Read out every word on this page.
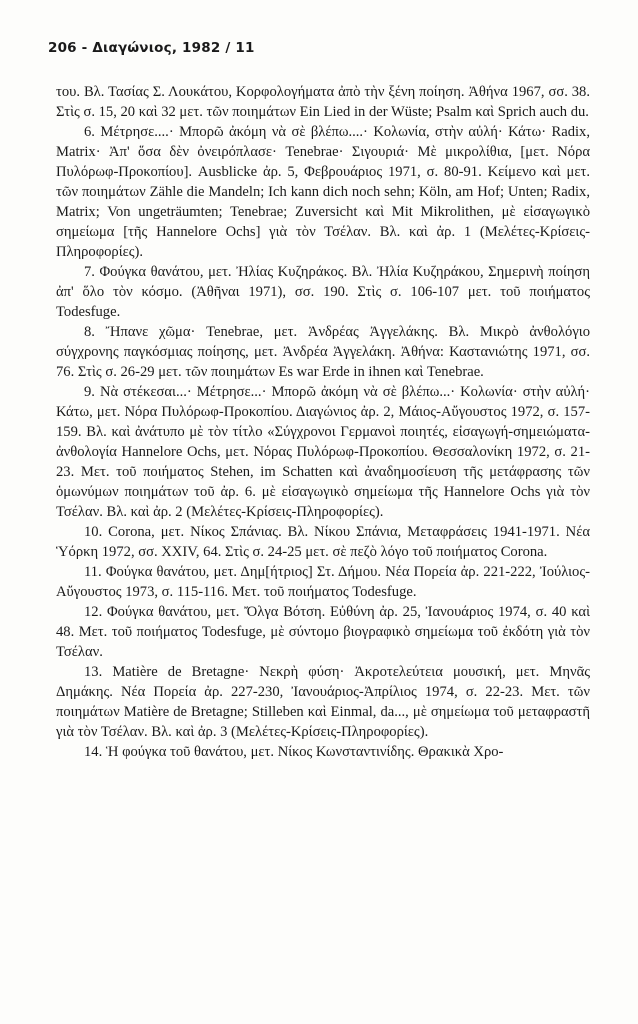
206 - Διαγώνιος, 1982 / 11

του. Βλ. Τασίας Σ. Λουκάτου, Κορφολογήματα ἀπὸ τὴν ξένη ποίηση. Ἀθήνα 1967, σσ. 38. Στὶς σ. 15, 20 καὶ 32 μετ. τῶν ποιημάτων Ein Lied in der Wüste; Psalm καὶ Sprich auch du.

6. Μέτρησε....· Μπορῶ ἀκόμη νὰ σὲ βλέπω....· Κολωνία, στὴν αὐλή· Κάτω· Radix, Matrix· Ἀπ' ὅσα δὲν ὀνειρόπλασε· Tenebrae· Σιγουριά· Μὲ μικρολίθια, [μετ. Νόρα Πυλόρωφ-Προκοπίου]. Ausblicke ἀρ. 5, Φεβρουάριος 1971, σ. 80-91. Κείμενο καὶ μετ. τῶν ποιημάτων Zähle die Mandeln; Ich kann dich noch sehn; Köln, am Hof; Unten; Radix, Matrix; Von ungeträumten; Tenebrae; Zuversicht καὶ Mit Mikrolithen, μὲ εἰσαγωγικὸ σημείωμα [τῆς Hannelore Ochs] γιὰ τὸν Τσέλαν. Βλ. καὶ ἀρ. 1 (Μελέτες-Κρίσεις-Πληροφορίες).

7. Φούγκα θανάτου, μετ. Ἠλίας Κυζηράκος. Βλ. Ἠλία Κυζηράκου, Σημερινὴ ποίηση ἀπ' ὅλο τὸν κόσμο. (Ἀθῆναι 1971), σσ. 190. Στὶς σ. 106-107 μετ. τοῦ ποιήματος Todesfuge.

8. Ἤπανε χῶμα· Tenebrae, μετ. Ἀνδρέας Ἀγγελάκης. Βλ. Μικρὸ ἀνθολόγιο σύγχρονης παγκόσμιας ποίησης, μετ. Ἀνδρέα Ἀγγελάκη. Ἀθήνα: Καστανιώτης 1971, σσ. 76. Στὶς σ. 26-29 μετ. τῶν ποιημάτων Es war Erde in ihnen καὶ Tenebrae.

9. Νὰ στέκεσαι...· Μέτρησε...· Μπορῶ ἀκόμη νὰ σὲ βλέπω...· Κολωνία· στὴν αὐλή· Κάτω, μετ. Νόρα Πυλόρωφ-Προκοπίου. Διαγώνιος ἀρ. 2, Μάιος-Αὔγουστος 1972, σ. 157-159. Βλ. καὶ ἀνάτυπο μὲ τὸν τίτλο «Σύγχρονοι Γερμανοὶ ποιητές, εἰσαγωγή-σημειώματα-ἀνθολογία Hannelore Ochs, μετ. Νόρας Πυλόρωφ-Προκοπίου. Θεσσαλονίκη 1972, σ. 21-23. Μετ. τοῦ ποιήματος Stehen, im Schatten καὶ ἀναδημοσίευση τῆς μετάφρασης τῶν ὁμωνύμων ποιημάτων τοῦ ἀρ. 6. μὲ εἰσαγωγικὸ σημείωμα τῆς Hannelore Ochs γιὰ τὸν Τσέλαν. Βλ. καὶ ἀρ. 2 (Μελέτες-Κρίσεις-Πληροφορίες).

10. Corona, μετ. Νίκος Σπάνιας. Βλ. Νίκου Σπάνια, Μεταφράσεις 1941-1971. Νέα Ὑόρκη 1972, σσ. XXIV, 64. Στὶς σ. 24-25 μετ. σὲ πεζὸ λόγο τοῦ ποιήματος Corona.

11. Φούγκα θανάτου, μετ. Δημ[ήτριος] Στ. Δήμου. Νέα Πορεία ἀρ. 221-222, Ἰούλιος-Αὔγουστος 1973, σ. 115-116. Μετ. τοῦ ποιήματος Todesfuge.

12. Φούγκα θανάτου, μετ. Ὄλγα Βότση. Εὐθύνη ἀρ. 25, Ἰανουάριος 1974, σ. 40 καὶ 48. Μετ. τοῦ ποιήματος Todesfuge, μὲ σύντομο βιογραφικὸ σημείωμα τοῦ ἐκδότη γιὰ τὸν Τσέλαν.

13. Matière de Bretagne· Νεκρὴ φύση· Ἀκροτελεύτεια μουσική, μετ. Μηνᾶς Δημάκης. Νέα Πορεία ἀρ. 227-230, Ἰανουάριος-Ἀπρίλιος 1974, σ. 22-23. Μετ. τῶν ποιημάτων Matière de Bretagne; Stilleben καὶ Einmal, da..., μὲ σημείωμα τοῦ μεταφραστῆ γιὰ τὸν Τσέλαν. Βλ. καὶ ἀρ. 3 (Μελέτες-Κρίσεις-Πληροφορίες).

14. Ἡ φούγκα τοῦ θανάτου, μετ. Νίκος Κωνσταντινίδης. Θρακικὰ Χρο-
